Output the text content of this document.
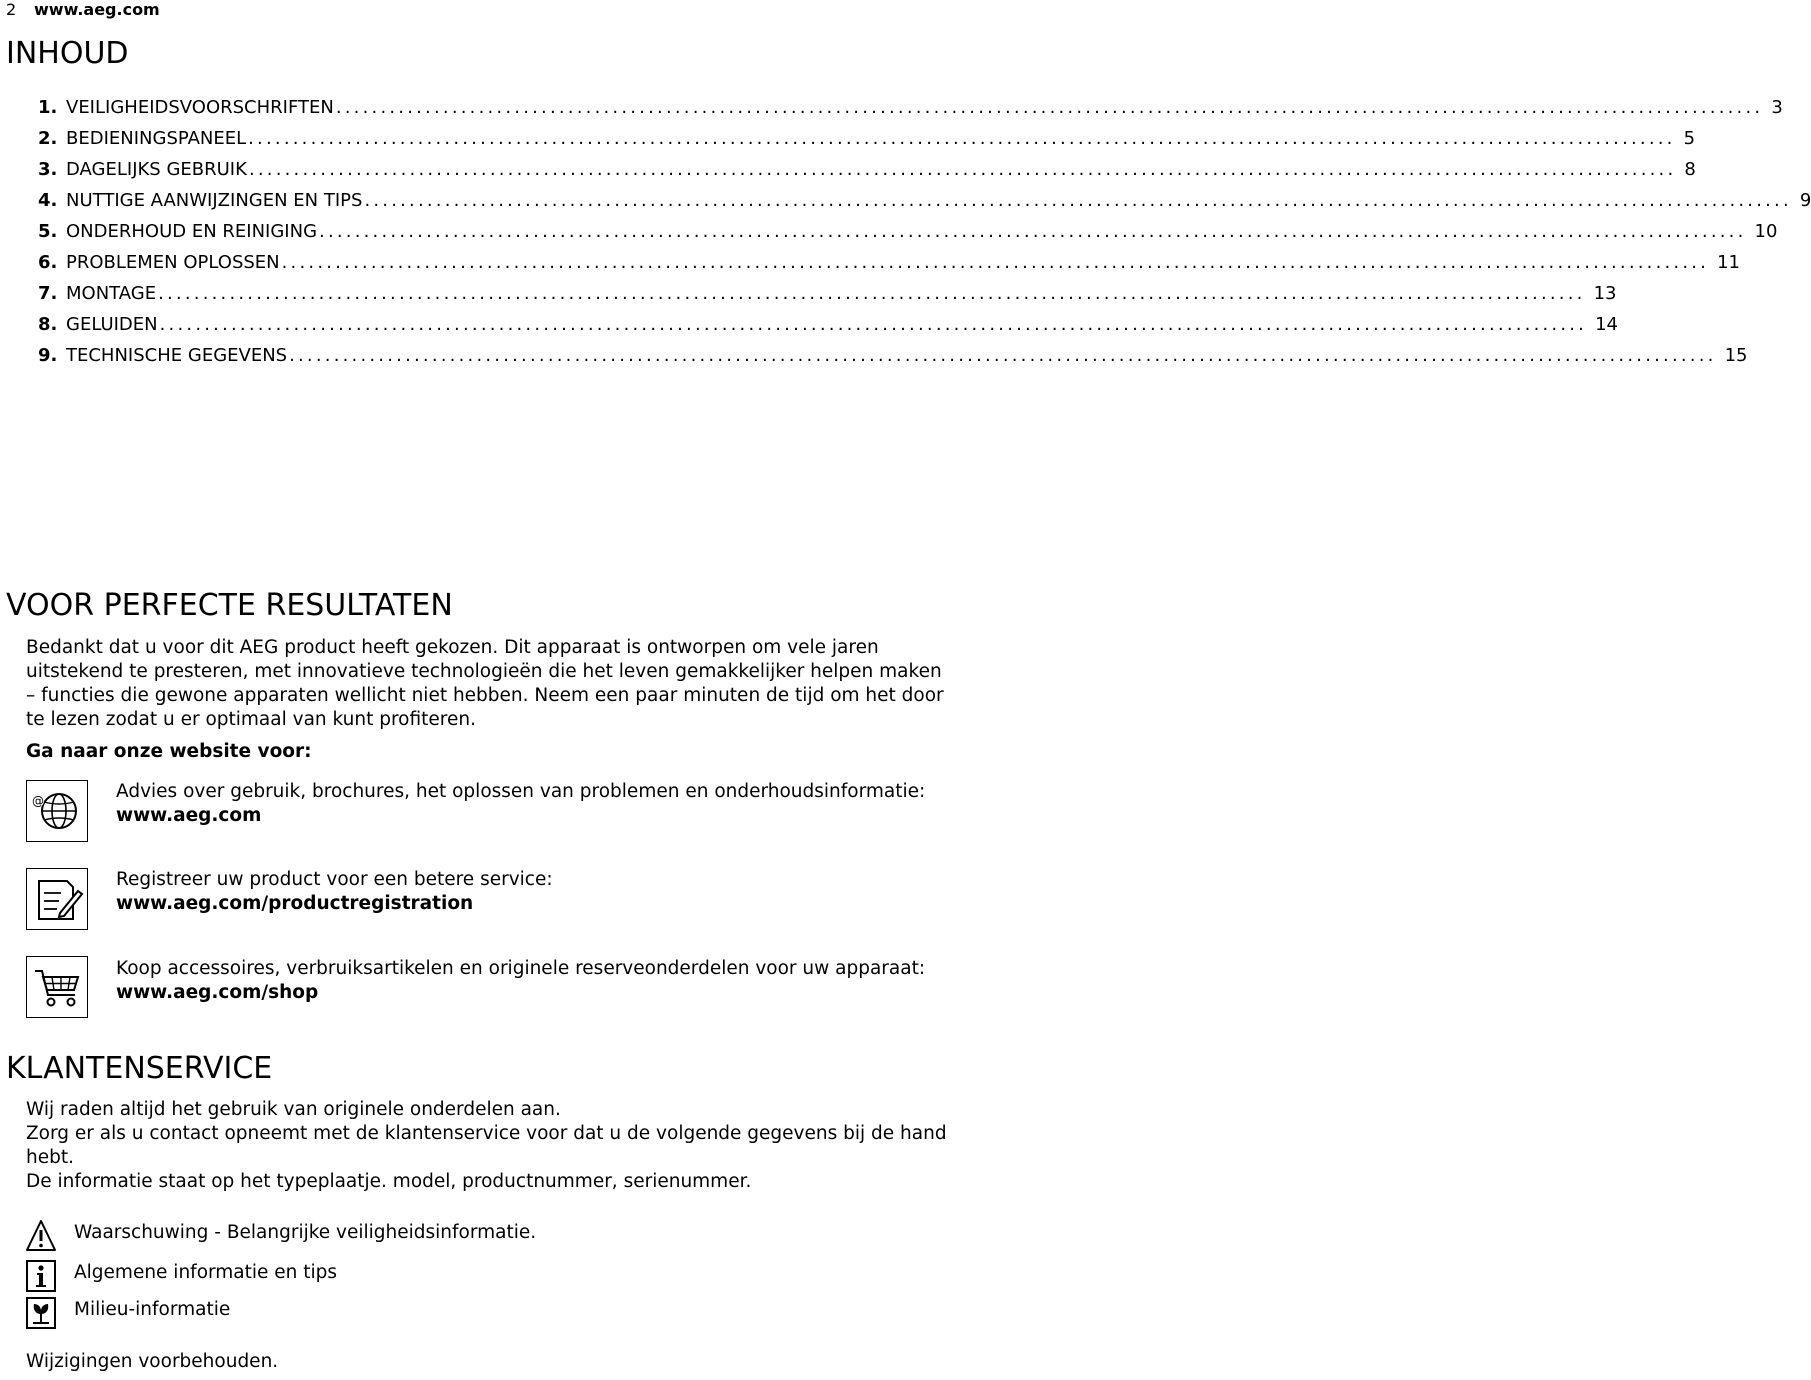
2 www.aeg.com
INHOUD
1. VEILIGHEIDSVOORSCHRIFTEN ................................................................................................................................................................ 3
2. BEDIENINGSPANEEL ................................................................................................................................................................ 5
3. DAGELIJKS GEBRUIK ................................................................................................................................................................ 8
4. NUTTIGE AANWIJZINGEN EN TIPS ................................................................................................................................................................ 9
5. ONDERHOUD EN REINIGING ................................................................................................................................................................ 10
6. PROBLEMEN OPLOSSEN ................................................................................................................................................................ 11
7. MONTAGE ................................................................................................................................................................ 13
8. GELUIDEN ................................................................................................................................................................ 14
9. TECHNISCHE GEGEVENS ................................................................................................................................................................ 15
VOOR PERFECTE RESULTATEN

Bedankt dat u voor dit AEG product heeft gekozen. Dit apparaat is ontworpen om vele jaren uitstekend te presteren, met innovatieve technologieën die het leven gemakkelijker helpen maken – functies die gewone apparaten wellicht niet hebben. Neem een paar minuten de tijd om het door te lezen zodat u er optimaal van kunt profiteren.

Ga naar onze website voor:

@	Advies over gebruik, brochures, het oplossen van problemen en onderhoudsinformatie:
www.aeg.com
Registreer uw product voor een betere service:
www.aeg.com/productregistration
Koop accessoires, verbruiksartikelen en originele reserveonderdelen voor uw apparaat:
www.aeg.com/shop
KLANTENSERVICE
Wij raden altijd het gebruik van originele onderdelen aan.
Zorg er als u contact opneemt met de klantenservice voor dat u de volgende gegevens bij de hand hebt.
De informatie staat op het typeplaatje. model, productnummer, serienummer.
Waarschuwing - Belangrijke veiligheidsinformatie.
Algemene informatie en tips
Milieu-informatie
Wijzigingen voorbehouden.
